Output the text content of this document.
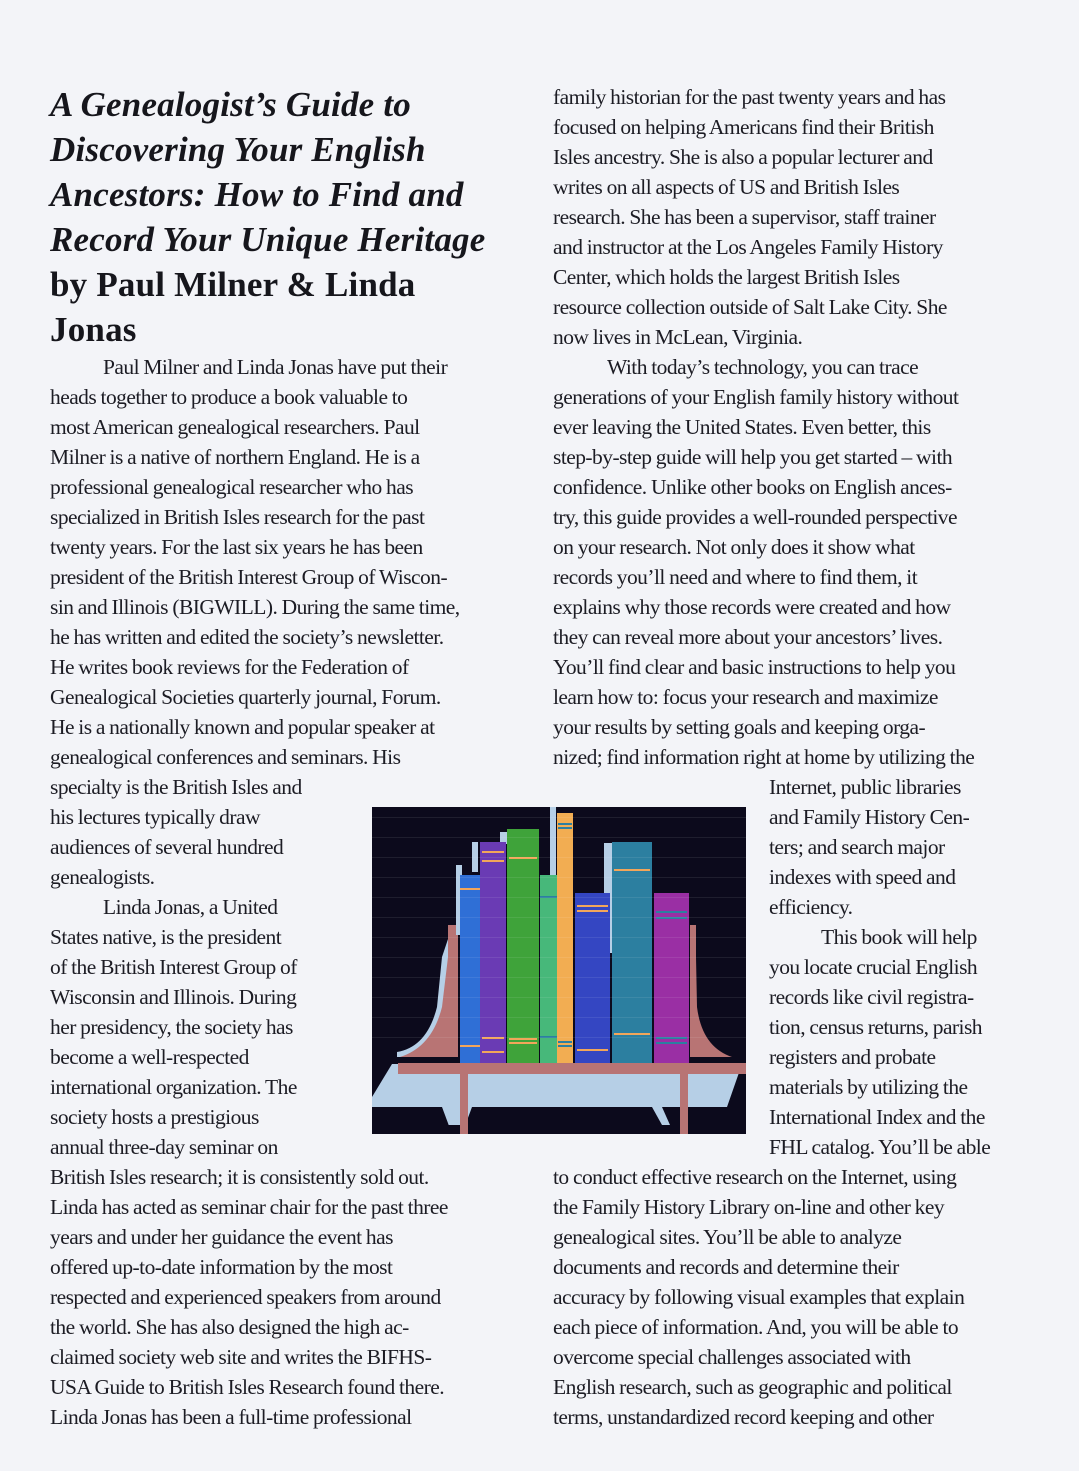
A Genealogist’s Guide to
Discovering Your English
Ancestors: How to Find and
Record Your Unique Heritage
by Paul Milner & Linda
Jonas
Paul Milner and Linda Jonas have put their
heads together to produce a book valuable to
most American genealogical researchers. Paul
Milner is a native of northern England. He is a
professional genealogical researcher who has
specialized in British Isles research for the past
twenty years. For the last six years he has been
president of the British Interest Group of Wiscon-
sin and Illinois (BIGWILL). During the same time,
he has written and edited the society’s newsletter.
He writes book reviews for the Federation of
Genealogical Societies quarterly journal, Forum.
He is a nationally known and popular speaker at
genealogical conferences and seminars. His
specialty is the British Isles and
his lectures typically draw
audiences of several hundred
genealogists.
Linda Jonas, a United
States native, is the president
of the British Interest Group of
Wisconsin and Illinois. During
her presidency, the society has
become a well-respected
international organization. The
society hosts a prestigious
annual three-day seminar on
British Isles research; it is consistently sold out.
Linda has acted as seminar chair for the past three
years and under her guidance the event has
offered up-to-date information by the most
respected and experienced speakers from around
the world. She has also designed the high ac-
claimed society web site and writes the BIFHS-
USA Guide to British Isles Research found there.
Linda Jonas has been a full-time professional
family historian for the past twenty years and has
focused on helping Americans find their British
Isles ancestry. She is also a popular lecturer and
writes on all aspects of US and British Isles
research. She has been a supervisor, staff trainer
and instructor at the Los Angeles Family History
Center, which holds the largest British Isles
resource collection outside of Salt Lake City. She
now lives in McLean, Virginia.
With today’s technology, you can trace
generations of your English family history without
ever leaving the United States. Even better, this
step-by-step guide will help you get started – with
confidence. Unlike other books on English ances-
try, this guide provides a well-rounded perspective
on your research. Not only does it show what
records you’ll need and where to find them, it
explains why those records were created and how
they can reveal more about your ancestors’ lives.
You’ll find clear and basic instructions to help you
learn how to: focus your research and maximize
your results by setting goals and keeping orga-
nized; find information right at home by utilizing the
Internet, public libraries
and Family History Cen-
ters; and search major
indexes with speed and
efficiency.
This book will help
you locate crucial English
records like civil registra-
tion, census returns, parish
registers and probate
materials by utilizing the
International Index and the
FHL catalog. You’ll be able
to conduct effective research on the Internet, using
the Family History Library on-line and other key
genealogical sites. You’ll be able to analyze
documents and records and determine their
accuracy by following visual examples that explain
each piece of information. And, you will be able to
overcome special challenges associated with
English research, such as geographic and political
terms, unstandardized record keeping and other
